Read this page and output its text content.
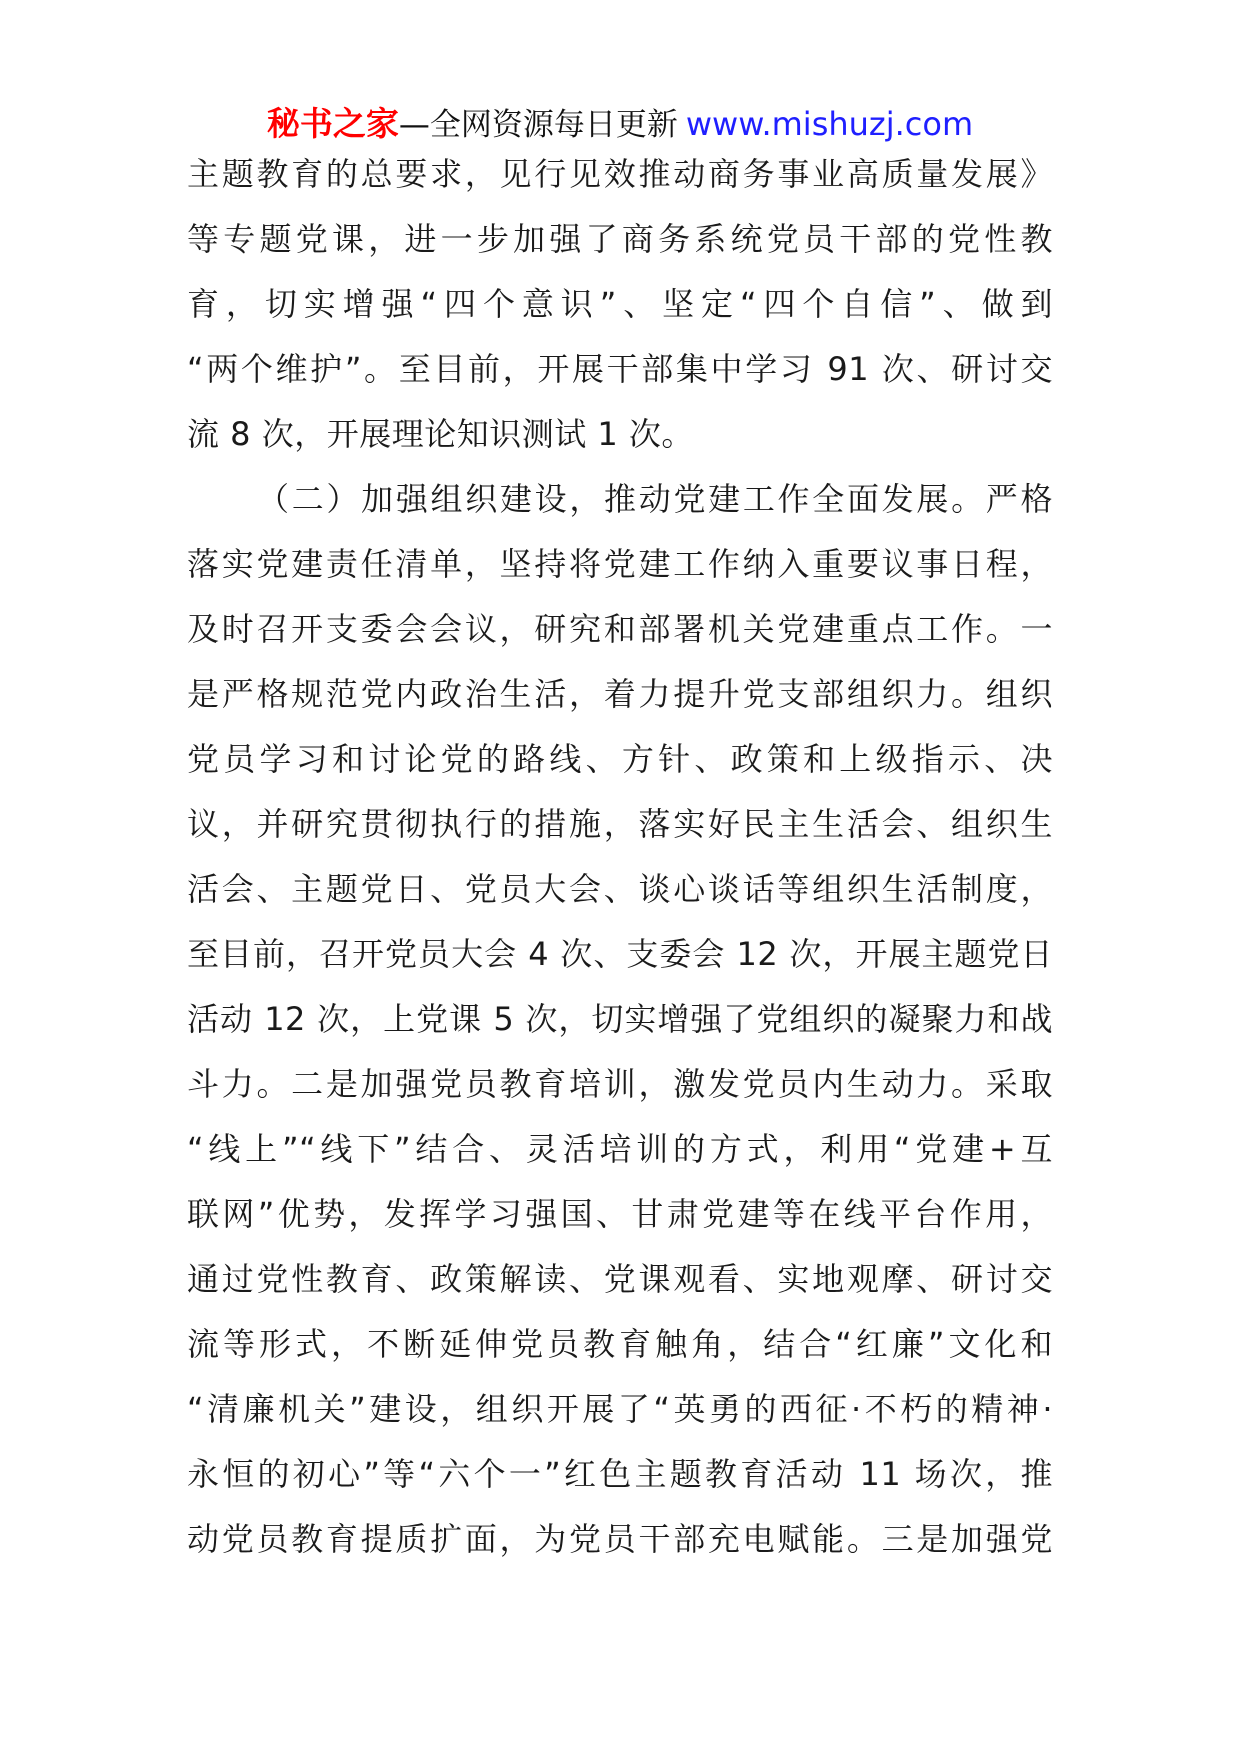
秘书之家—全网资源每日更新 www.mishuzj.com
主题教育的总要求，见行见效推动商务事业高质量发展》
等专题党课，进一步加强了商务系统党员干部的党性教
育，切实增强“四个意识”、坚定“四个自信”、做到
“两个维护”。至目前，开展干部集中学习 91 次、研讨交
流 8 次，开展理论知识测试 1 次。
（二）加强组织建设，推动党建工作全面发展。严格
落实党建责任清单，坚持将党建工作纳入重要议事日程，
及时召开支委会会议，研究和部署机关党建重点工作。一
是严格规范党内政治生活，着力提升党支部组织力。组织
党员学习和讨论党的路线、方针、政策和上级指示、决
议，并研究贯彻执行的措施，落实好民主生活会、组织生
活会、主题党日、党员大会、谈心谈话等组织生活制度，
至目前，召开党员大会 4 次、支委会 12 次，开展主题党日
活动 12 次，上党课 5 次，切实增强了党组织的凝聚力和战
斗力。二是加强党员教育培训，激发党员内生动力。采取
“线上”“线下”结合、灵活培训的方式，利用“党建+互
联网”优势，发挥学习强国、甘肃党建等在线平台作用，
通过党性教育、政策解读、党课观看、实地观摩、研讨交
流等形式，不断延伸党员教育触角，结合“红廉”文化和
“清廉机关”建设，组织开展了“英勇的西征·不朽的精神·
永恒的初心”等“六个一”红色主题教育活动 11 场次，推
动党员教育提质扩面，为党员干部充电赋能。三是加强党
